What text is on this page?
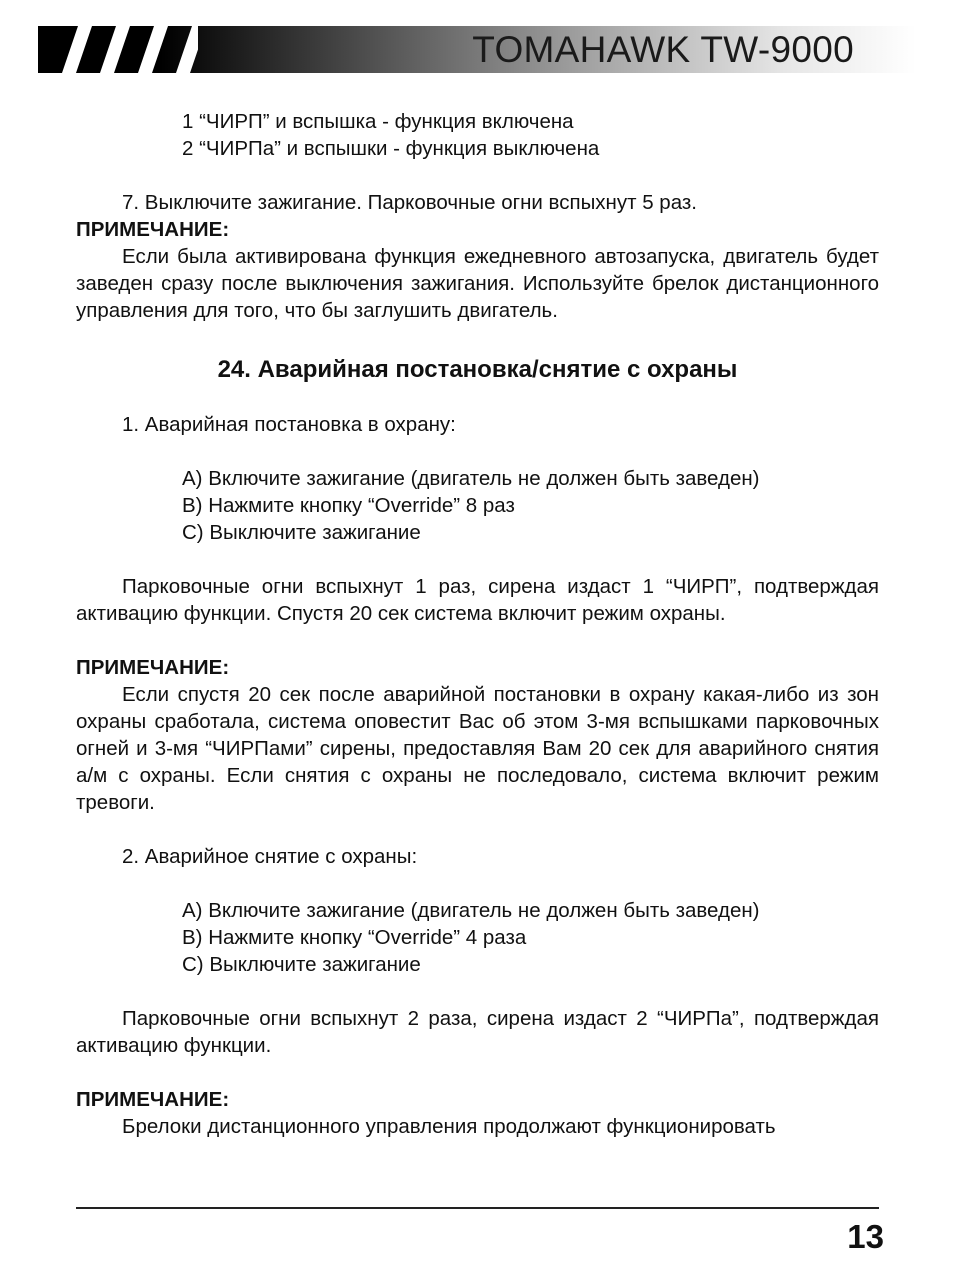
TOMAHAWK TW-9000

1 “ЧИРП” и вспышка - функция включена

2 “ЧИРПа” и вспышки - функция выключена

7. Выключите зажигание. Парковочные огни вспыхнут 5 раз.

ПРИМЕЧАНИЕ:

Если была активирована функция ежедневного автозапуска, двигатель будет заведен сразу после выключения зажигания. Используйте брелок дистанционного управления для того, что бы заглушить двигатель.

24. Аварийная постановка/снятие с охраны

1. Аварийная постановка в охрану:

A) Включите зажигание (двигатель не должен быть заведен)

B) Нажмите кнопку “Override” 8 раз

C) Выключите зажигание

Парковочные огни вспыхнут 1 раз, сирена издаст 1 “ЧИРП”, подтверждая активацию функции. Спустя 20 сек система включит режим охраны.

ПРИМЕЧАНИЕ:

Если спустя 20 сек после аварийной постановки в охрану какая-либо из зон охраны сработала, система оповестит Вас об этом 3-мя вспышками парковочных огней и 3-мя “ЧИРПами” сирены, предоставляя Вам 20 сек для аварийного снятия а/м с охраны. Если снятия с охраны не последовало, система включит режим тревоги.

2. Аварийное снятие с охраны:

A) Включите зажигание (двигатель не должен быть заведен)

B) Нажмите кнопку “Override” 4 раза

C) Выключите зажигание

Парковочные огни вспыхнут 2 раза, сирена издаст 2 “ЧИРПа”, подтверждая активацию функции.

ПРИМЕЧАНИЕ:

Брелоки дистанционного управления продолжают функционировать

13
